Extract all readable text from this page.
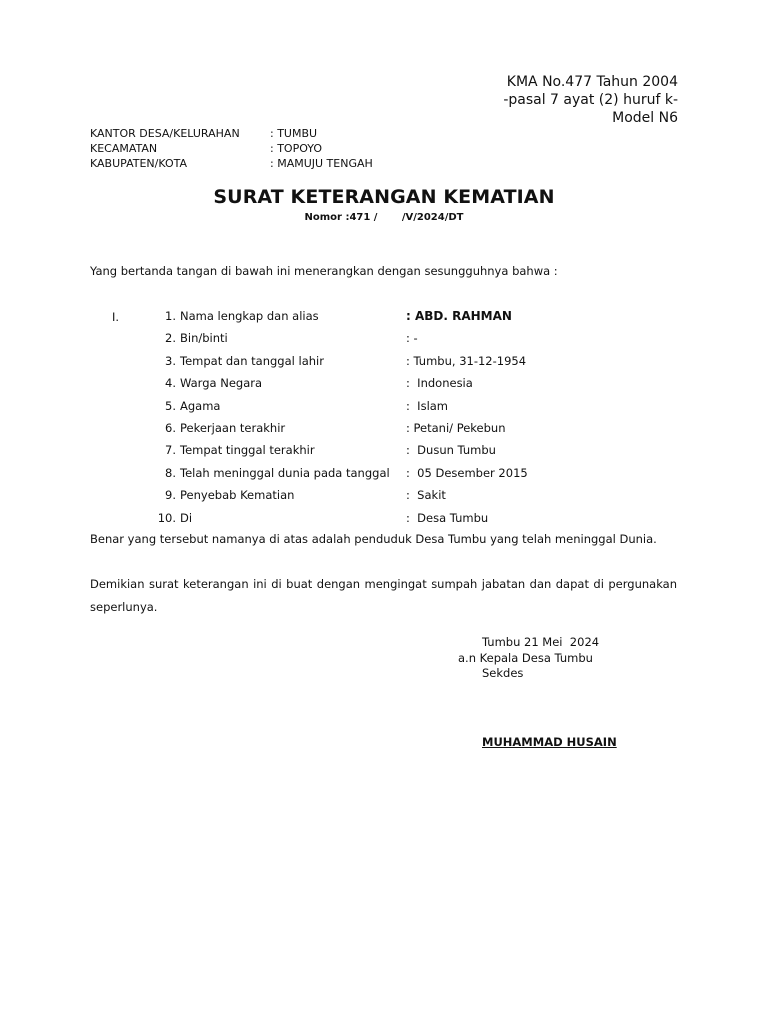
KMA No.477 Tahun 2004
-pasal 7 ayat (2) huruf k-
Model N6
KANTOR DESA/KELURAHAN	: TUMBU
KECAMATAN	: TOPOYO
KABUPATEN/KOTA	: MAMUJU TENGAH
SURAT KETERANGAN KEMATIAN
Nomor :471 /       /V/2024/DT
Yang bertanda tangan di bawah ini menerangkan dengan sesungguhnya bahwa :
I.	1. Nama lengkap dan alias	: ABD. RAHMAN
2. Bin/binti	: -
3. Tempat dan tanggal lahir	: Tumbu, 31-12-1954
4. Warga Negara	:  Indonesia
5. Agama	:  Islam
6. Pekerjaan terakhir	: Petani/ Pekebun
7. Tempat tinggal terakhir	:  Dusun Tumbu
8. Telah meninggal dunia pada tanggal :  05 Desember 2015
9. Penyebab Kematian	:  Sakit
10. Di	:  Desa Tumbu
Benar yang tersebut namanya di atas adalah penduduk Desa Tumbu yang telah meninggal Dunia.
Demikian surat keterangan ini di buat dengan mengingat sumpah jabatan dan dapat di pergunakan seperlunya.
Tumbu 21 Mei  2024
a.n Kepala Desa Tumbu
Sekdes
MUHAMMAD HUSAIN
